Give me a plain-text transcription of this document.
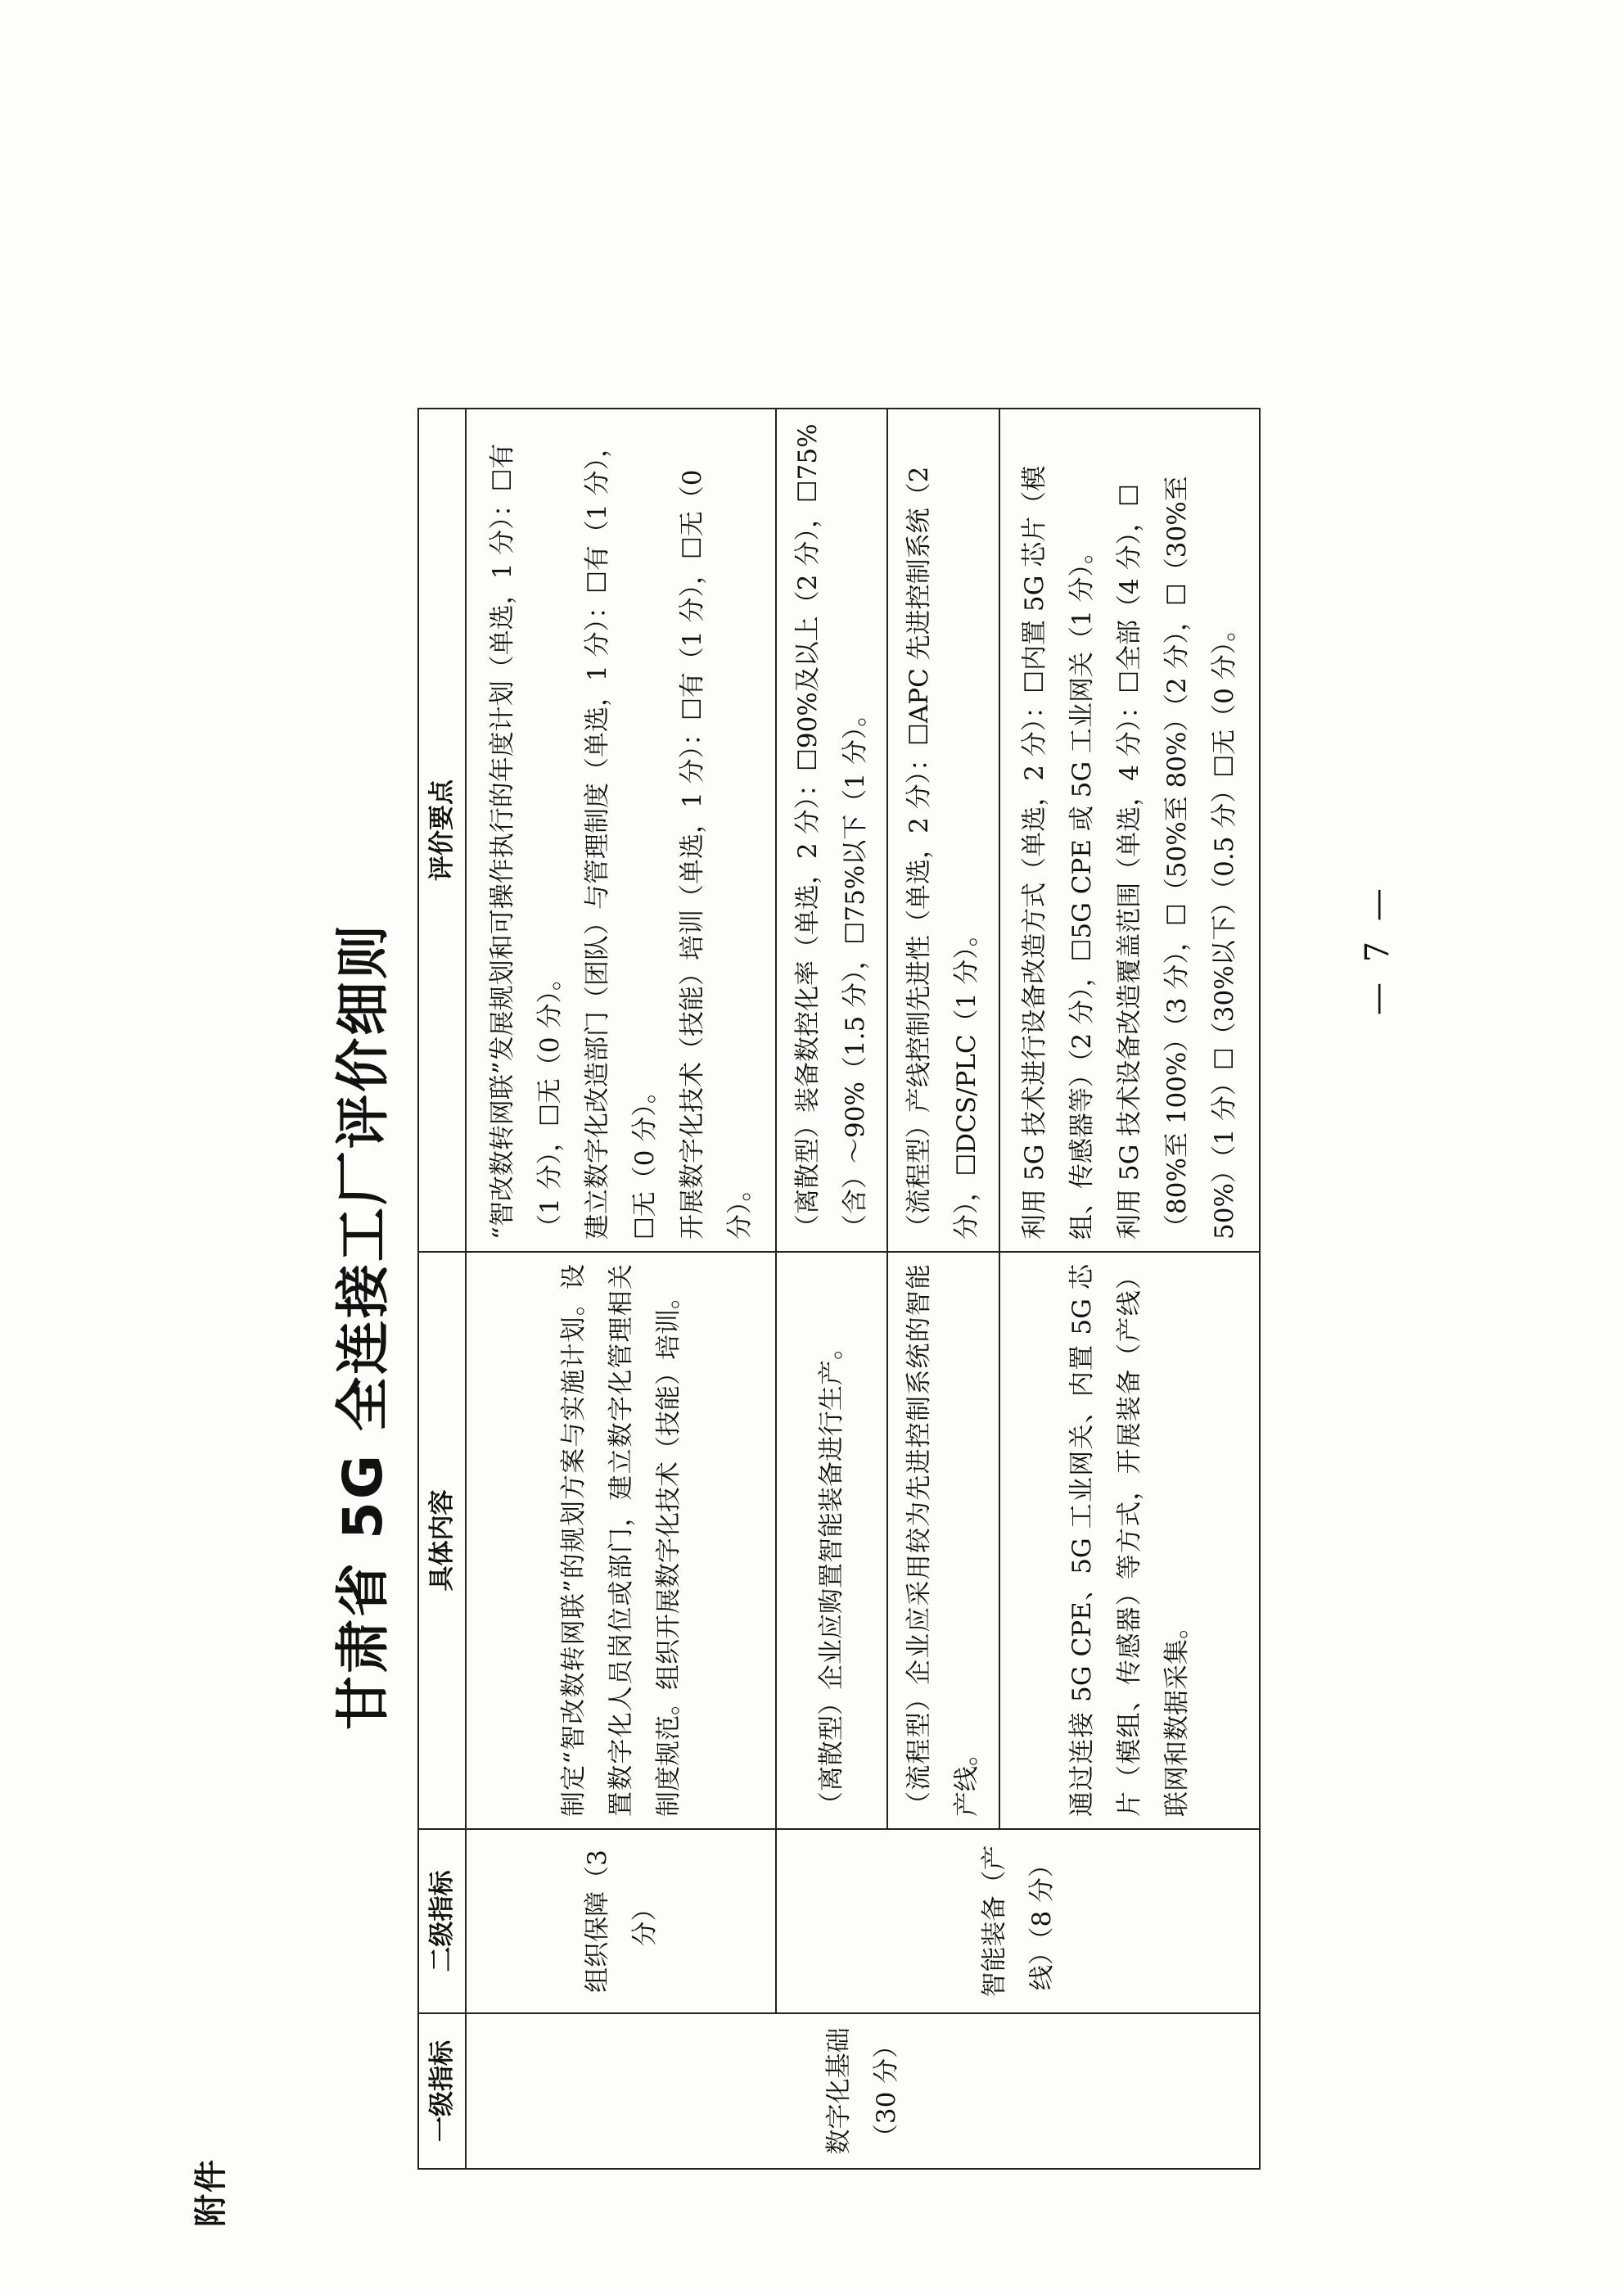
附件
甘肃省 5G 全连接工厂评价细则
一级指标	二级指标	具体内容	评价要点
数字化基础（30 分）	组织保障（3 分）	制定“智改数转网联”的规划方案与实施计划。设置数字化人员岗位或部门，建立数字化管理相关制度规范。组织开展数字化技术（技能）培训。	“智改数转网联”发展规划和可操作执行的年度计划（单选，1 分）：☐有（1 分），☐无（0 分）。 建立数字化改造部门（团队）与管理制度（单选，1 分）：☐有（1 分），☐无（0 分）。 开展数字化技术（技能）培训（单选，1 分）：☐有（1 分），☐无（0 分）。

	智能装备（产线）（8 分）	（离散型）企业应购置智能装备进行生产。	（离散型）装备数控化率（单选，2 分）：☐90%及以上（2 分），☐75%（含）～90%（1.5 分），☐75%以下（1 分）。

		（流程型）企业应采用较为先进控制系统的智能产线。	（流程型）产线控制先进性（单选，2 分）：☐APC 先进控制系统（2 分），☐DCS/PLC（1 分）。

		通过连接 5G CPE、5G 工业网关、内置 5G 芯片（模组、传感器）等方式，开展装备（产线）联网和数据采集。	利用 5G 技术进行设备改造方式（单选，2 分）：☐内置 5G 芯片（模组、传感器等）（2 分），☐5G CPE 或 5G 工业网关（1 分）。 利用 5G 技术设备改造覆盖范围（单选，4 分）：☐全部（4 分），☐（80%至 100%）（3 分），☐（50%至 80%）（2 分），☐（30%至 50%）（1 分）☐（30%以下）（0.5 分）☐无（0 分）。	— 7 —
